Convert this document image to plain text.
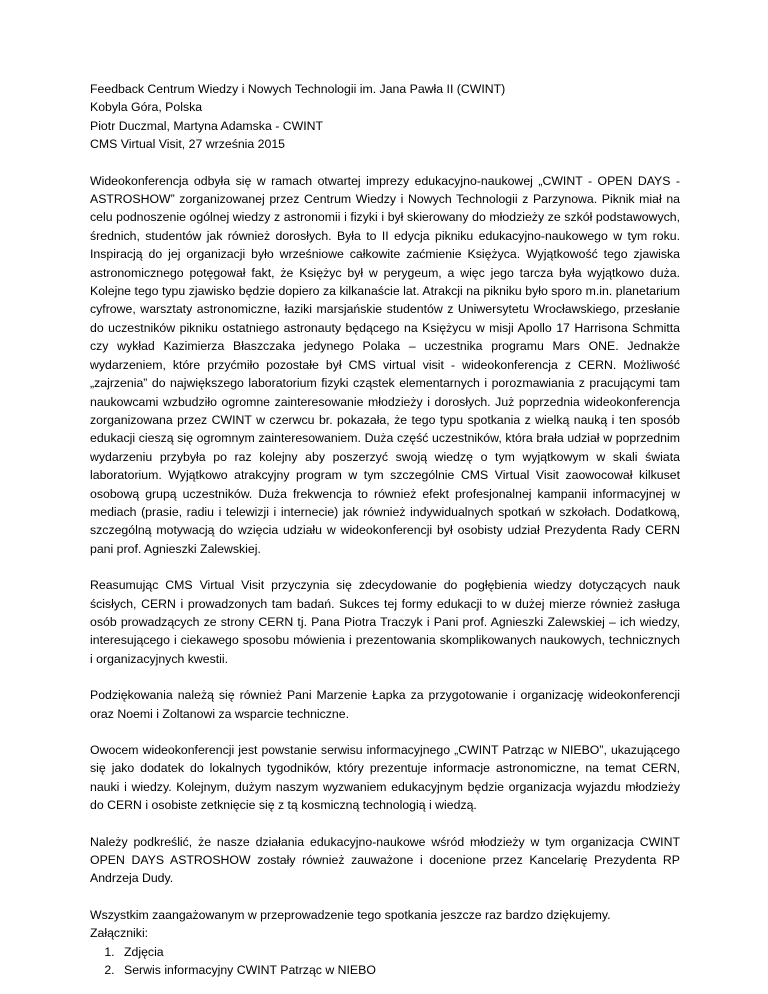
Feedback Centrum Wiedzy i Nowych Technologii im. Jana Pawła II (CWINT)

Kobyla Góra, Polska

Piotr Duczmal, Martyna Adamska - CWINT

CMS Virtual Visit, 27 września 2015

Wideokonferencja odbyła się w ramach otwartej imprezy edukacyjno-naukowej „CWINT - OPEN DAYS - ASTROSHOW” zorganizowanej przez Centrum Wiedzy i Nowych Technologii z Parzynowa. Piknik miał na celu podnoszenie ogólnej wiedzy z astronomii i fizyki i był skierowany do młodzieży ze szkół podstawowych, średnich, studentów jak również dorosłych. Była to II edycja pikniku edukacyjno-naukowego w tym roku. Inspiracją do jej organizacji było wrześniowe całkowite zaćmienie Księżyca. Wyjątkowość tego zjawiska astronomicznego potęgował fakt, że Księżyc był w perygeum, a więc jego tarcza była wyjątkowo duża. Kolejne tego typu zjawisko będzie dopiero za kilkanaście lat. Atrakcji na pikniku było sporo m.in. planetarium cyfrowe, warsztaty astronomiczne, łaziki marsjańskie studentów z Uniwersytetu Wrocławskiego, przesłanie do uczestników pikniku ostatniego astronauty będącego na Księżycu w misji Apollo 17 Harrisona Schmitta czy wykład Kazimierza Błaszczaka jedynego Polaka – uczestnika programu Mars ONE. Jednakże wydarzeniem, które przyćmiło pozostałe był CMS virtual visit - wideokonferencja z CERN. Możliwość „zajrzenia” do największego laboratorium fizyki cząstek elementarnych i porozmawiania z pracującymi tam naukowcami wzbudziło ogromne zainteresowanie młodzieży i dorosłych. Już poprzednia wideokonferencja zorganizowana przez CWINT w czerwcu br. pokazała, że tego typu spotkania z wielką nauką i ten sposób edukacji cieszą się ogromnym zainteresowaniem. Duża część uczestników, która brała udział w poprzednim wydarzeniu przybyła po raz kolejny aby poszerzyć swoją wiedzę o tym wyjątkowym w skali świata laboratorium. Wyjątkowo atrakcyjny program w tym szczególnie CMS Virtual Visit zaowocował kilkuset osobową grupą uczestników. Duża frekwencja to również efekt profesjonalnej kampanii informacyjnej w mediach (prasie, radiu i telewizji i internecie) jak również indywidualnych spotkań w szkołach. Dodatkową, szczególną motywacją do wzięcia udziału w wideokonferencji był osobisty udział Prezydenta Rady CERN pani prof. Agnieszki Zalewskiej.

Reasumując CMS Virtual Visit przyczynia się zdecydowanie do pogłębienia wiedzy dotyczących nauk ścisłych, CERN i prowadzonych tam badań. Sukces tej formy edukacji to w dużej mierze również zasługa osób prowadzących ze strony CERN tj. Pana Piotra Traczyk i Pani prof. Agnieszki Zalewskiej – ich wiedzy, interesującego i ciekawego sposobu mówienia i prezentowania skomplikowanych naukowych, technicznych i organizacyjnych kwestii.

Podziękowania należą się również Pani Marzenie Łapka za przygotowanie i organizację wideokonferencji oraz Noemi i Zoltanowi za wsparcie techniczne.

Owocem wideokonferencji jest powstanie serwisu informacyjnego „CWINT Patrząc w NIEBO”, ukazującego się jako dodatek do lokalnych tygodników, który prezentuje informacje astronomiczne, na temat CERN, nauki i wiedzy. Kolejnym, dużym naszym wyzwaniem edukacyjnym będzie organizacja wyjazdu młodzieży do CERN i osobiste zetknięcie się z tą kosmiczną technologią i wiedzą.

Należy podkreślić, że nasze działania edukacyjno-naukowe wśród młodzieży w tym organizacja CWINT OPEN DAYS ASTROSHOW zostały również zauważone i docenione przez Kancelarię Prezydenta RP Andrzeja Dudy.

Wszystkim zaangażowanym w przeprowadzenie tego spotkania jeszcze raz bardzo dziękujemy.

Załączniki:

1. Zdjęcia
2. Serwis informacyjny CWINT Patrząc w NIEBO
